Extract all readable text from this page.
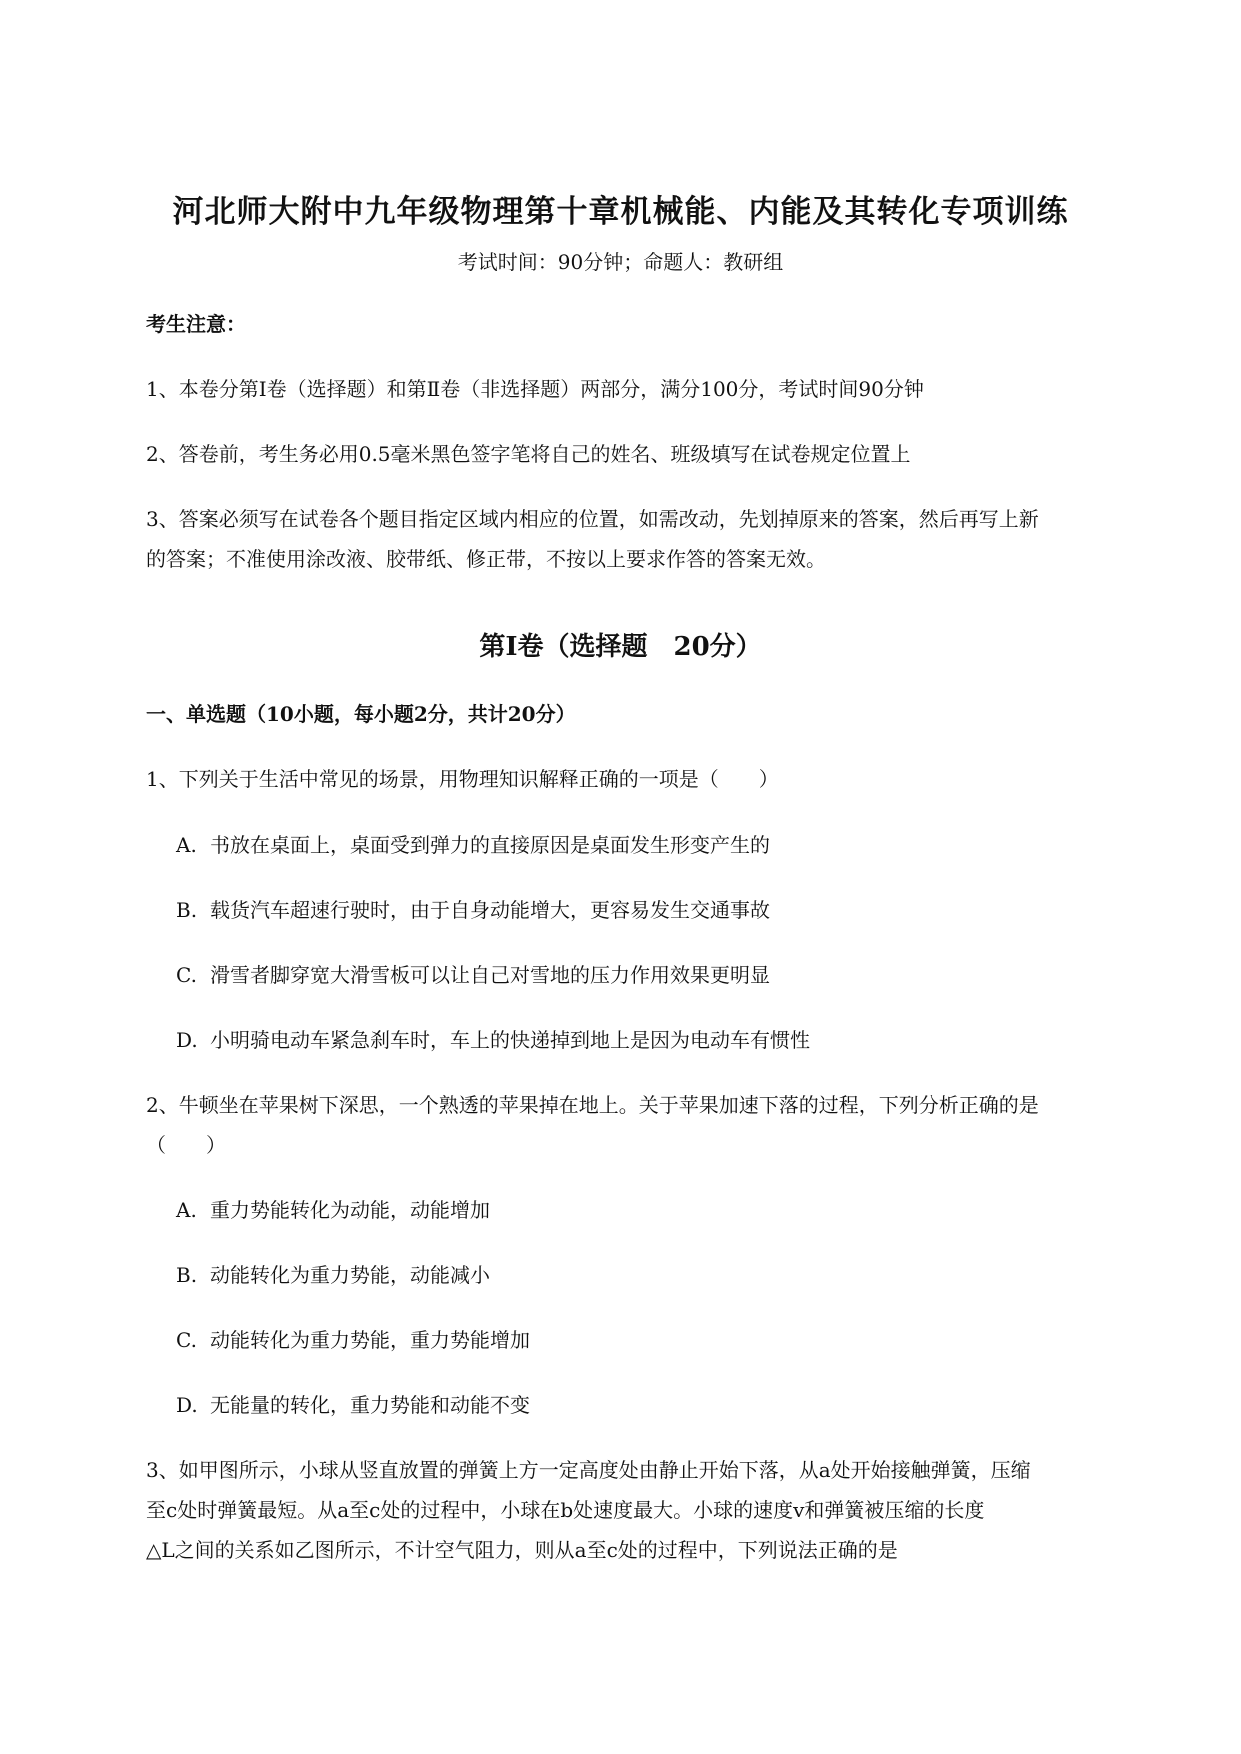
河北师大附中九年级物理第十章机械能、内能及其转化专项训练
考试时间：90分钟；命题人：教研组
考生注意：
1、本卷分第I卷（选择题）和第Ⅱ卷（非选择题）两部分，满分100分，考试时间90分钟
2、答卷前，考生务必用0.5毫米黑色签字笔将自己的姓名、班级填写在试卷规定位置上
3、答案必须写在试卷各个题目指定区域内相应的位置，如需改动，先划掉原来的答案，然后再写上新
的答案；不准使用涂改液、胶带纸、修正带，不按以上要求作答的答案无效。
第I卷（选择题　20分）
一、单选题（10小题，每小题2分，共计20分）
1、下列关于生活中常见的场景，用物理知识解释正确的一项是（　　）
A. 书放在桌面上，桌面受到弹力的直接原因是桌面发生形变产生的
B. 载货汽车超速行驶时，由于自身动能增大，更容易发生交通事故
C. 滑雪者脚穿宽大滑雪板可以让自己对雪地的压力作用效果更明显
D. 小明骑电动车紧急刹车时，车上的快递掉到地上是因为电动车有惯性
2、牛顿坐在苹果树下深思，一个熟透的苹果掉在地上。关于苹果加速下落的过程，下列分析正确的是
（　　）
A. 重力势能转化为动能，动能增加
B. 动能转化为重力势能，动能减小
C. 动能转化为重力势能，重力势能增加
D. 无能量的转化，重力势能和动能不变
3、如甲图所示，小球从竖直放置的弹簧上方一定高度处由静止开始下落，从a处开始接触弹簧，压缩
至c处时弹簧最短。从a至c处的过程中，小球在b处速度最大。小球的速度v和弹簧被压缩的长度
△L之间的关系如乙图所示，不计空气阻力，则从a至c处的过程中，下列说法正确的是
